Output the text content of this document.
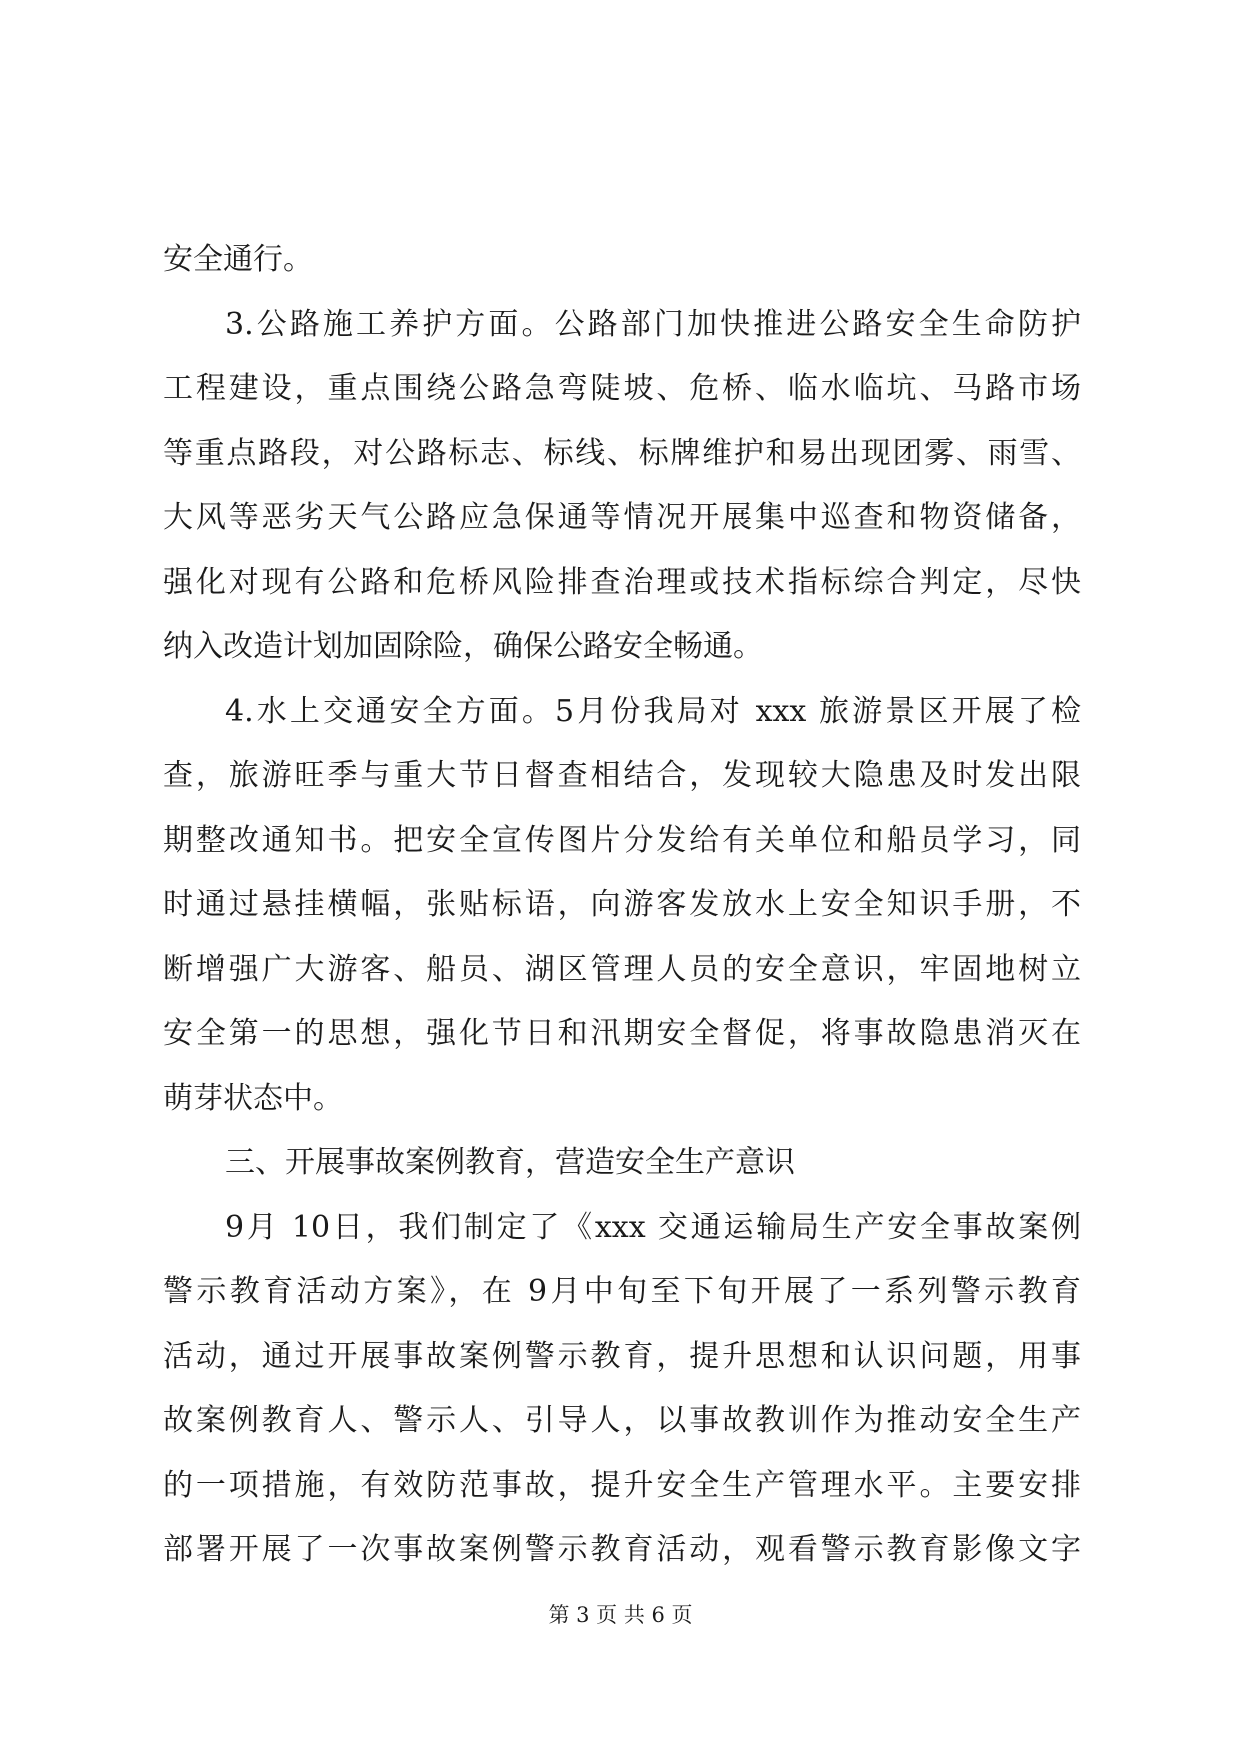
安全通行。
3.公路施工养护方面。公路部门加快推进公路安全生命防护
工程建设，重点围绕公路急弯陡坡、危桥、临水临坑、马路市场
等重点路段，对公路标志、标线、标牌维护和易出现团雾、雨雪、
大风等恶劣天气公路应急保通等情况开展集中巡查和物资储备，
强化对现有公路和危桥风险排查治理或技术指标综合判定，尽快
纳入改造计划加固除险，确保公路安全畅通。
4.水上交通安全方面。5月份我局对 xxx 旅游景区开展了检
查，旅游旺季与重大节日督查相结合，发现较大隐患及时发出限
期整改通知书。把安全宣传图片分发给有关单位和船员学习，同
时通过悬挂横幅，张贴标语，向游客发放水上安全知识手册，不
断增强广大游客、船员、湖区管理人员的安全意识，牢固地树立
安全第一的思想，强化节日和汛期安全督促，将事故隐患消灭在
萌芽状态中。
三、开展事故案例教育，营造安全生产意识
9月 10日，我们制定了《xxx 交通运输局生产安全事故案例
警示教育活动方案》，在 9月中旬至下旬开展了一系列警示教育
活动，通过开展事故案例警示教育，提升思想和认识问题，用事
故案例教育人、警示人、引导人，以事故教训作为推动安全生产
的一项措施，有效防范事故，提升安全生产管理水平。主要安排
部署开展了一次事故案例警示教育活动，观看警示教育影像文字
第 3 页 共 6 页
